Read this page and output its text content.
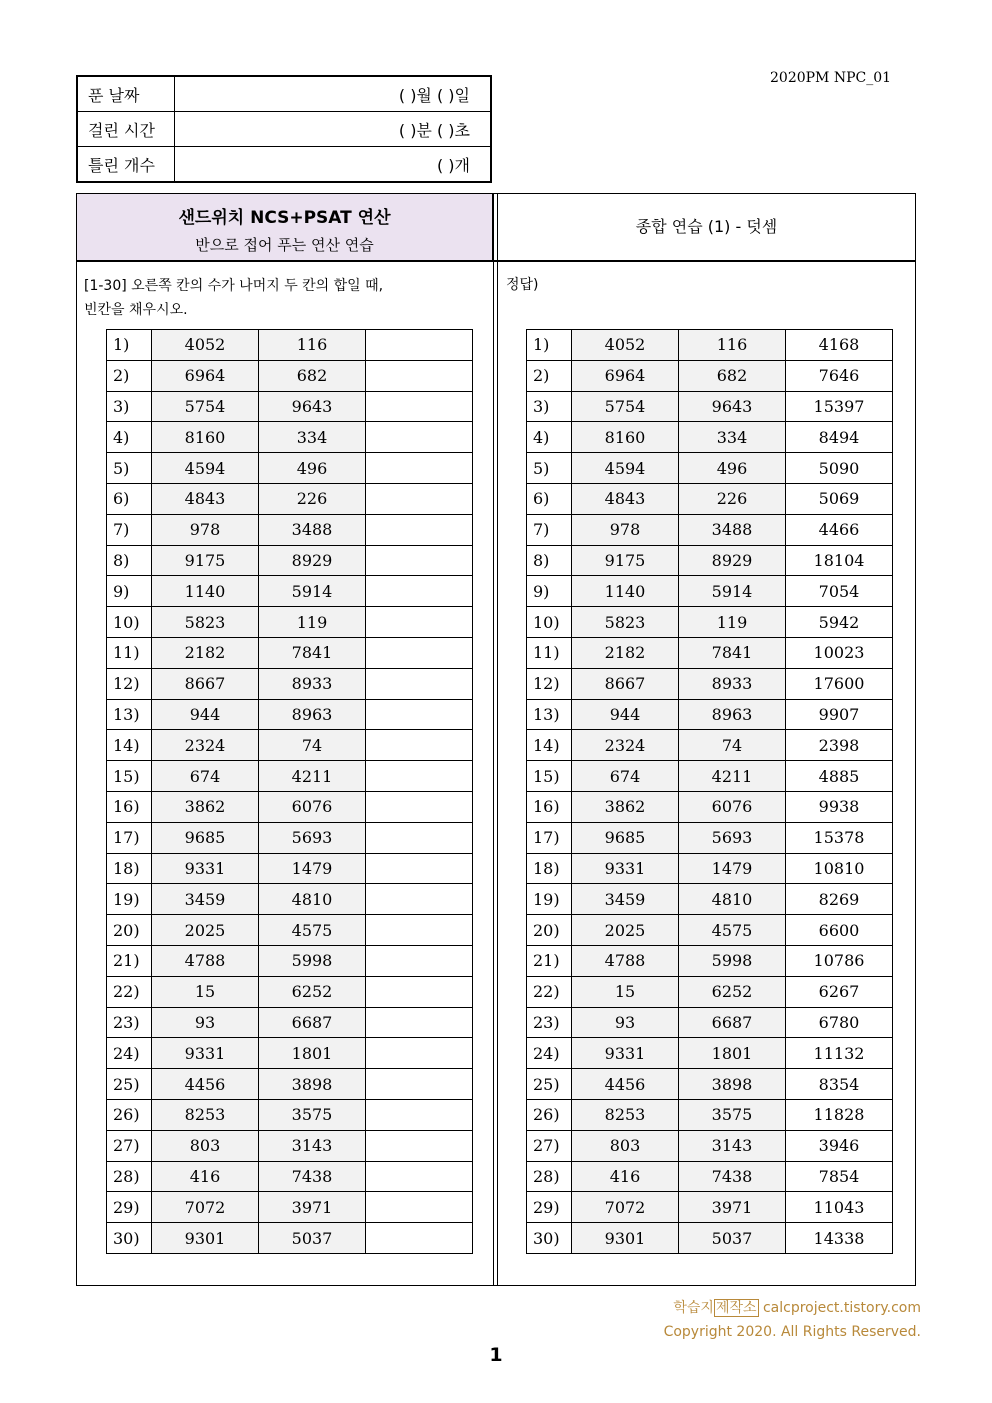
2020PM NPC_01
푼 날짜	( )월 ( )일
걸린 시간	( )분 ( )초
틀린 개수	( )개
샌드위치 NCS+PSAT 연산
반으로 접어 푸는 연산 연습
종합 연습 (1) - 덧셈
[1-30] 오른쪽 칸의 수가 나머지 두 칸의 합일 때,
빈칸을 채우시오.
정답)
1)	4052	116	
2)	6964	682	
3)	5754	9643	
4)	8160	334	
5)	4594	496	
6)	4843	226	
7)	978	3488	
8)	9175	8929	
9)	1140	5914	
10)	5823	119	
11)	2182	7841	
12)	8667	8933	
13)	944	8963	
14)	2324	74	
15)	674	4211	
16)	3862	6076	
17)	9685	5693	
18)	9331	1479	
19)	3459	4810	
20)	2025	4575	
21)	4788	5998	
22)	15	6252	
23)	93	6687	
24)	9331	1801	
25)	4456	3898	
26)	8253	3575	
27)	803	3143	
28)	416	7438	
29)	7072	3971	
30)	9301	5037	
1)	4052	116	4168
2)	6964	682	7646
3)	5754	9643	15397
4)	8160	334	8494
5)	4594	496	5090
6)	4843	226	5069
7)	978	3488	4466
8)	9175	8929	18104
9)	1140	5914	7054
10)	5823	119	5942
11)	2182	7841	10023
12)	8667	8933	17600
13)	944	8963	9907
14)	2324	74	2398
15)	674	4211	4885
16)	3862	6076	9938
17)	9685	5693	15378
18)	9331	1479	10810
19)	3459	4810	8269
20)	2025	4575	6600
21)	4788	5998	10786
22)	15	6252	6267
23)	93	6687	6780
24)	9331	1801	11132
25)	4456	3898	8354
26)	8253	3575	11828
27)	803	3143	3946
28)	416	7438	7854
29)	7072	3971	11043
30)	9301	5037	14338
학습지 제작소 calcproject.tistory.com
Copyright 2020. All Rights Reserved.
1
